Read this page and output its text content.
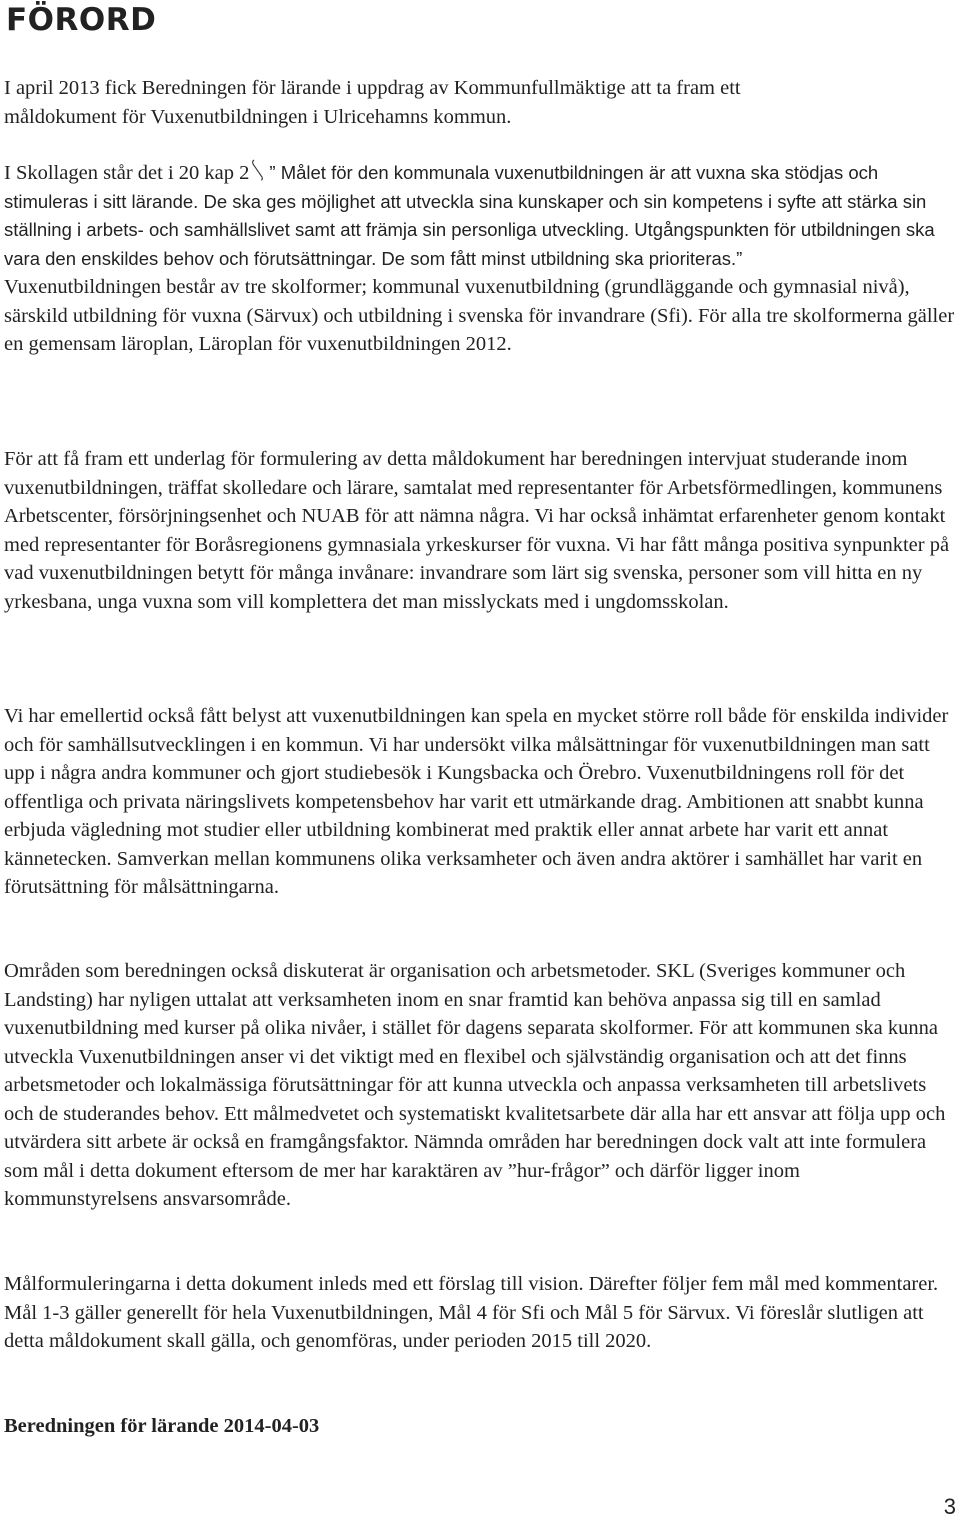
FÖRORD

I april 2013 fick Beredningen för lärande i uppdrag av Kommunfullmäktige att ta fram ett
måldokument för Vuxenutbildningen i Ulricehamns kommun.

I Skollagen står det i 20 kap 2 ” Målet för den kommunala vuxenutbildningen är att vuxna ska stödjas och stimuleras i sitt lärande. De ska ges möjlighet att utveckla sina kunskaper och sin kompetens i syfte att stärka sin ställning i arbets- och samhällslivet samt att främja sin personliga utveckling. Utgångspunkten för utbildningen ska vara den enskildes behov och förutsättningar. De som fått minst utbildning ska prioriteras.”
Vuxenutbildningen består av tre skolformer; kommunal vuxenutbildning (grundläggande och gymnasial nivå), särskild utbildning för vuxna (Särvux) och utbildning i svenska för invandrare (Sfi). För alla tre skolformerna gäller en gemensam läroplan, Läroplan för vuxenutbildningen 2012.

För att få fram ett underlag för formulering av detta måldokument har beredningen intervjuat studerande inom vuxenutbildningen, träffat skolledare och lärare, samtalat med representanter för Arbetsförmedlingen, kommunens Arbetscenter, försörjningsenhet och NUAB för att nämna några. Vi har också inhämtat erfarenheter genom kontakt med representanter för Boråsregionens gymnasiala yrkeskurser för vuxna. Vi har fått många positiva synpunkter på vad vuxenutbildningen betytt för många invånare: invandrare som lärt sig svenska, personer som vill hitta en ny yrkesbana, unga vuxna som vill komplettera det man misslyckats med i ungdomsskolan.

Vi har emellertid också fått belyst att vuxenutbildningen kan spela en mycket större roll både för enskilda individer och för samhällsutvecklingen i en kommun. Vi har undersökt vilka målsättningar för vuxenutbildningen man satt upp i några andra kommuner och gjort studiebesök i Kungsbacka och Örebro. Vuxenutbildningens roll för det offentliga och privata näringslivets kompetensbehov har varit ett utmärkande drag. Ambitionen att snabbt kunna erbjuda vägledning mot studier eller utbildning kombinerat med praktik eller annat arbete har varit ett annat kännetecken. Samverkan mellan kommunens olika verksamheter och även andra aktörer i samhället har varit en förutsättning för målsättningarna.

Områden som beredningen också diskuterat är organisation och arbetsmetoder. SKL (Sveriges kommuner och Landsting) har nyligen uttalat att verksamheten inom en snar framtid kan behöva anpassa sig till en samlad vuxenutbildning med kurser på olika nivåer, i stället för dagens separata skolformer. För att kommunen ska kunna utveckla Vuxenutbildningen anser vi det viktigt med en flexibel och självständig organisation och att det finns arbetsmetoder och lokalmässiga förutsättningar för att kunna utveckla och anpassa verksamheten till arbetslivets och de studerandes behov. Ett målmedvetet och systematiskt kvalitetsarbete där alla har ett ansvar att följa upp och utvärdera sitt arbete är också en framgångsfaktor. Nämnda områden har beredningen dock valt att inte formulera som mål i detta dokument eftersom de mer har karaktären av ”hur-frågor” och därför ligger inom kommunstyrelsens ansvarsområde.

Målformuleringarna i detta dokument inleds med ett förslag till vision. Därefter följer fem mål med kommentarer. Mål 1-3 gäller generellt för hela Vuxenutbildningen, Mål 4 för Sfi och Mål 5 för Särvux. Vi föreslår slutligen att detta måldokument skall gälla, och genomföras, under perioden 2015 till 2020.

Beredningen för lärande 2014-04-03

3
